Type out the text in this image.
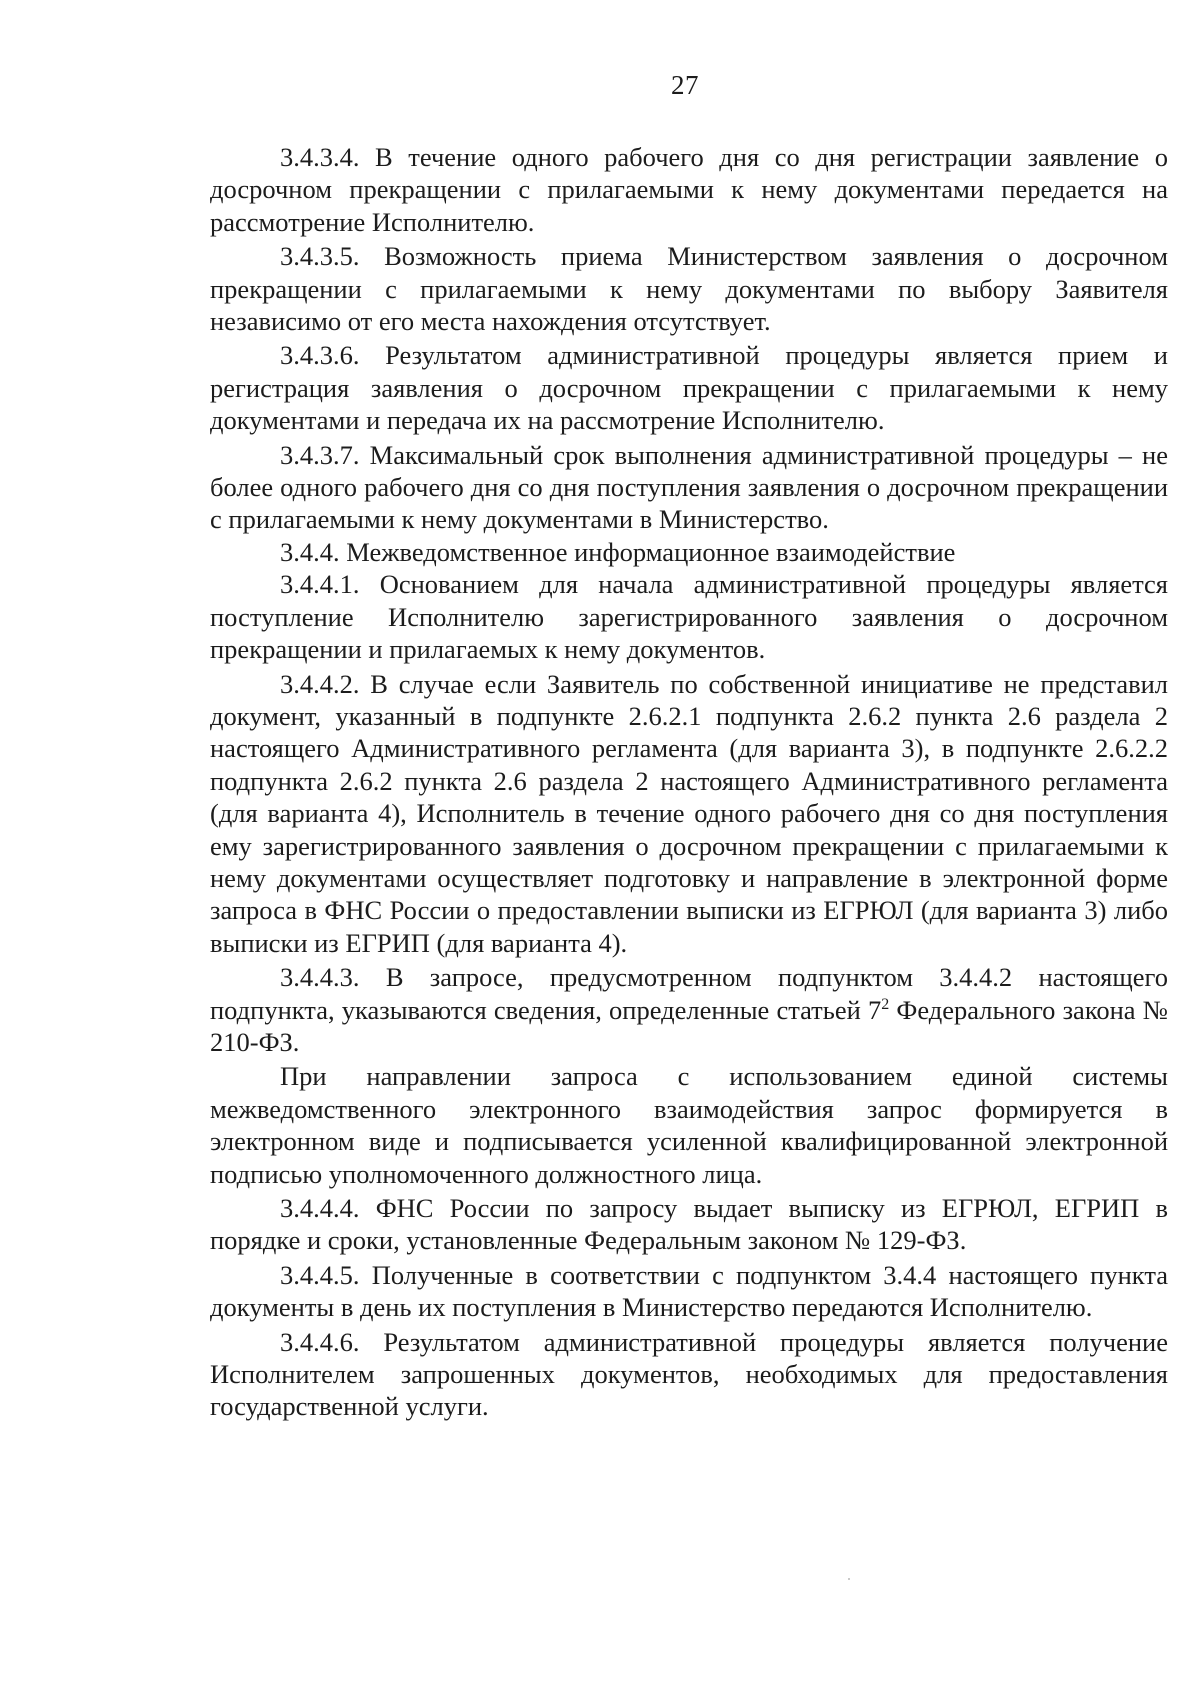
27

3.4.3.4. В течение одного рабочего дня со дня регистрации заявление о досрочном прекращении с прилагаемыми к нему документами передается на рассмотрение Исполнителю.

3.4.3.5. Возможность приема Министерством заявления о досрочном прекращении с прилагаемыми к нему документами по выбору Заявителя независимо от его места нахождения отсутствует.

3.4.3.6. Результатом административной процедуры является прием и регистрация заявления о досрочном прекращении с прилагаемыми к нему документами и передача их на рассмотрение Исполнителю.

3.4.3.7. Максимальный срок выполнения административной процедуры – не более одного рабочего дня со дня поступления заявления о досрочном прекращении с прилагаемыми к нему документами в Министерство.

3.4.4. Межведомственное информационное взаимодействие

3.4.4.1. Основанием для начала административной процедуры является поступление Исполнителю зарегистрированного заявления о досрочном прекращении и прилагаемых к нему документов.

3.4.4.2. В случае если Заявитель по собственной инициативе не представил документ, указанный в подпункте 2.6.2.1 подпункта 2.6.2 пункта 2.6 раздела 2 настоящего Административного регламента (для варианта 3), в подпункте 2.6.2.2 подпункта 2.6.2 пункта 2.6 раздела 2 настоящего Административного регламента (для варианта 4), Исполнитель в течение одного рабочего дня со дня поступления ему зарегистрированного заявления о досрочном прекращении с прилагаемыми к нему документами осуществляет подготовку и направление в электронной форме запроса в ФНС России о предоставлении выписки из ЕГРЮЛ (для варианта 3) либо выписки из ЕГРИП (для варианта 4).

3.4.4.3. В запросе, предусмотренном подпунктом 3.4.4.2 настоящего подпункта, указываются сведения, определенные статьей $7^2$ Федерального закона № 210-ФЗ.

При направлении запроса с использованием единой системы межведомственного электронного взаимодействия запрос формируется в электронном виде и подписывается усиленной квалифицированной электронной подписью уполномоченного должностного лица.

3.4.4.4. ФНС России по запросу выдает выписку из ЕГРЮЛ, ЕГРИП в порядке и сроки, установленные Федеральным законом № 129-ФЗ.

3.4.4.5. Полученные в соответствии с подпунктом 3.4.4 настоящего пункта документы в день их поступления в Министерство передаются Исполнителю.

3.4.4.6. Результатом административной процедуры является получение Исполнителем запрошенных документов, необходимых для предоставления государственной услуги.
